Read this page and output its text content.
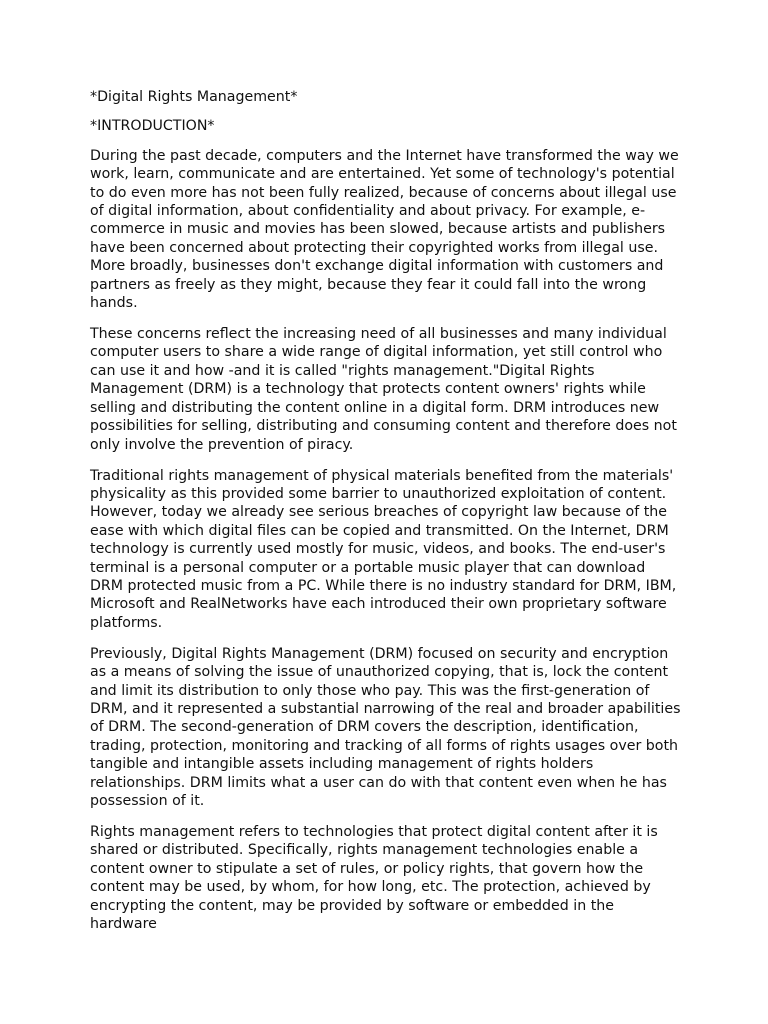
*Digital Rights Management*

*INTRODUCTION*

During the past decade, computers and the Internet have transformed the way we work, learn, communicate and are entertained. Yet some of technology's potential to do even more has not been fully realized, because of concerns about illegal use of digital information, about confidentiality and about privacy. For example, e-commerce in music and movies has been slowed, because artists and publishers have been concerned about protecting their copyrighted works from illegal use. More broadly, businesses don't exchange digital information with customers and partners as freely as they might, because they fear it could fall into the wrong hands.

These concerns reflect the increasing need of all businesses and many individual computer users to share a wide range of digital information, yet still control who can use it and how -and it is called "rights management."Digital Rights Management (DRM) is a technology that protects content owners' rights while selling and distributing the content online in a digital form. DRM introduces new possibilities for selling, distributing and consuming content and therefore does not only involve the prevention of piracy.

Traditional rights management of physical materials benefited from the materials' physicality as this provided some barrier to unauthorized exploitation of content. However, today we already see serious breaches of copyright law because of the ease with which digital files can be copied and transmitted. On the Internet, DRM technology is currently used mostly for music, videos, and books. The end-user's terminal is a personal computer or a portable music player that can download DRM protected music from a PC. While there is no industry standard for DRM, IBM, Microsoft and RealNetworks have each introduced their own proprietary software platforms.

Previously, Digital Rights Management (DRM) focused on security and encryption as a means of solving the issue of unauthorized copying, that is, lock the content and limit its distribution to only those who pay. This was the first-generation of DRM, and it represented a substantial narrowing of the real and broader apabilities of DRM. The second-generation of DRM covers the description, identification, trading, protection, monitoring and tracking of all forms of rights usages over both tangible and intangible assets including management of rights holders relationships. DRM limits what a user can do with that content even when he has possession of it.

Rights management refers to technologies that protect digital content after it is shared or distributed. Specifically, rights management technologies enable a content owner to stipulate a set of rules, or policy rights, that govern how the content may be used, by whom, for how long, etc. The protection, achieved by encrypting the content, may be provided by software or embedded in the hardware
